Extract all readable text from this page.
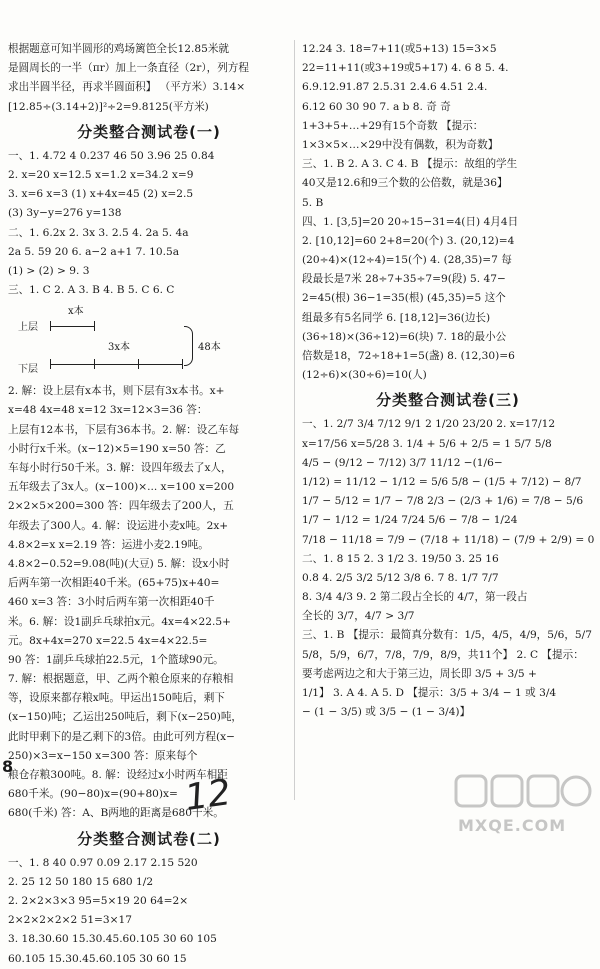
根据题意可知半圆形的鸡场篱笆全长12.85米就
是圆周长的一半（πr）加上一条直径（2r），列方程
求出半圆半径，再求半圆面积】 （平方米）3.14×
[12.85÷(3.14+2)]²÷2=9.8125(平方米)
分类整合测试卷(一)
一、1. 4.72 4 0.237 46 50 3.96 25 0.84
2. x=20 x=12.5 x=1.2 x=34.2 x=9
3. x=6 x=3 (1) x+4x=45 (2) x=2.5
(3) 3y−y=276 y=138
二、1. 6.2x 2. 3x 3. 2.5 4. 2a 5. 4a
2a 5. 59 20 6. a−2 a+1 7. 10.5a
(1) > (2) > 9. 3
三、1. C 2. A 3. B 4. B 5. C 6. C
x本
上层
3x本
下层
48本
2. 解：设上层有x本书，则下层有3x本书。x+
x=48 4x=48 x=12 3x=12×3=36 答：
上层有12本书，下层有36本书。2. 解：设乙车每
小时行x千米。(x−12)×5=190 x=50 答：乙
车每小时行50千米。3. 解：设四年级去了x人，
五年级去了3x人。(x−100)×... x=100 x=200
2×2×5×200=300 答：四年级去了200人，五
年级去了300人。4. 解：设运进小麦x吨。2x+
4.8×2=x x=2.19 答：运进小麦2.19吨。
4.8×2−0.52=9.08(吨)(大豆) 5. 解：设x小时
后两车第一次相距40千米。(65+75)x+40=
460 x=3 答：3小时后两车第一次相距40千
米。6. 解：设1副乒乓球拍x元。4x=4×22.5+
元。8x+4x=270 x=22.5 4x=4×22.5=
90 答：1副乒乓球拍22.5元，1个篮球90元。
7. 解：根据题意，甲、乙两个粮仓原来的存粮相
等，设原来都存粮x吨。甲运出150吨后，剩下
(x−150)吨；乙运出250吨后，剩下(x−250)吨，
此时甲剩下的是乙剩下的3倍。由此可列方程(x−
250)×3=x−150 x=300 答：原来每个
粮仓存粮300吨。8. 解：设经过x小时两车相距
680千米。(90−80)x=(90+80)x=
680(千米) 答：A、B两地的距离是680千米。
分类整合测试卷(二)
一、1. 8 40 0.97 0.09 2.17 2.15 520
2. 25 12 50 180 15 680 1/2
2. 2×2×3×3 95=5×19 20 64=2×
2×2×2×2×2 51=3×17
3. 18.30.60 15.30.45.60.105 30 60 105
60.105 15.30.45.60.105 30 60 15
12.24 3. 18=7+11(或5+13) 15=3×5
22=11+11(或3+19或5+17) 4. 6 8 5. 4.
6.9.12.91.87 2.5.31 2.4.6 4.51 2.4.
6.12 60 30 90 7. a b 8. 奇 奇
1+3+5+…+29有15个奇数 【提示：
1×3×5×…×29中没有偶数，积为奇数】
三、1. B 2. A 3. C 4. B 【提示：故组的学生
40又是12.6和9三个数的公倍数，就是36】
5. B
四、1. [3,5]=20 20÷15−31=4(日) 4月4日
2. [10,12]=60 2+8=20(个) 3. (20,12)=4
(20÷4)×(12÷4)=15(个) 4. (28,35)=7 每
段最长是7米 28÷7+35÷7=9(段) 5. 47−
2=45(根) 36−1=35(根) (45,35)=5 这个
组最多有5名同学 6. [18,12]=36(边长)
(36÷18)×(36÷12)=6(块) 7. 18的最小公
倍数是18，72÷18+1=5(盏) 8. (12,30)=6
(12÷6)×(30÷6)=10(人)
分类整合测试卷(三)
一、1. 2/7 3/4 7/12 9/1 2 1/20 23/20 2. x=17/12
x=17/56 x=5/28 3. 1/4 + 5/6 + 2/5 = 1 5/7 5/8
4/5 − (9/12 − 7/12) 3/7 11/12 −(1/6−
1/12) = 11/12 − 1/12 = 5/6 5/8 − (1/5 + 7/12) − 8/7
1/7 − 5/12 = 1/7 − 7/8 2/3 − (2/3 + 1/6) = 7/8 − 5/6
1/7 − 1/12 = 1/24 7/24 5/6 − 7/8 − 1/24
7/18 − 11/18 = 7/9 − (7/18 + 11/18) − (7/9 + 2/9) = 0
二、1. 8 15 2. 3 1/2 3. 19/50 3. 25 16
0.8 4. 2/5 3/2 5/12 3/8 6. 7 8. 1/7 7/7
8. 3/4 4/3 9. 2 第二段占全长的 4/7，第一段占
全长的 3/7，4/7 > 3/7
三、1. B 【提示：最简真分数有：1/5，4/5，4/9，5/6，5/7
5/8，5/9，6/7，7/8，7/9，8/9，共11个】 2. C 【提示：
要考虑两边之和大于第三边，周长即 3/5 + 3/5 +
1/1】 3. A 4. A 5. D 【提示：3/5 + 3/4 − 1 或 3/4
− (1 − 3/5) 或 3/5 − (1 − 3/4)】
8
12
MXQE.COM
